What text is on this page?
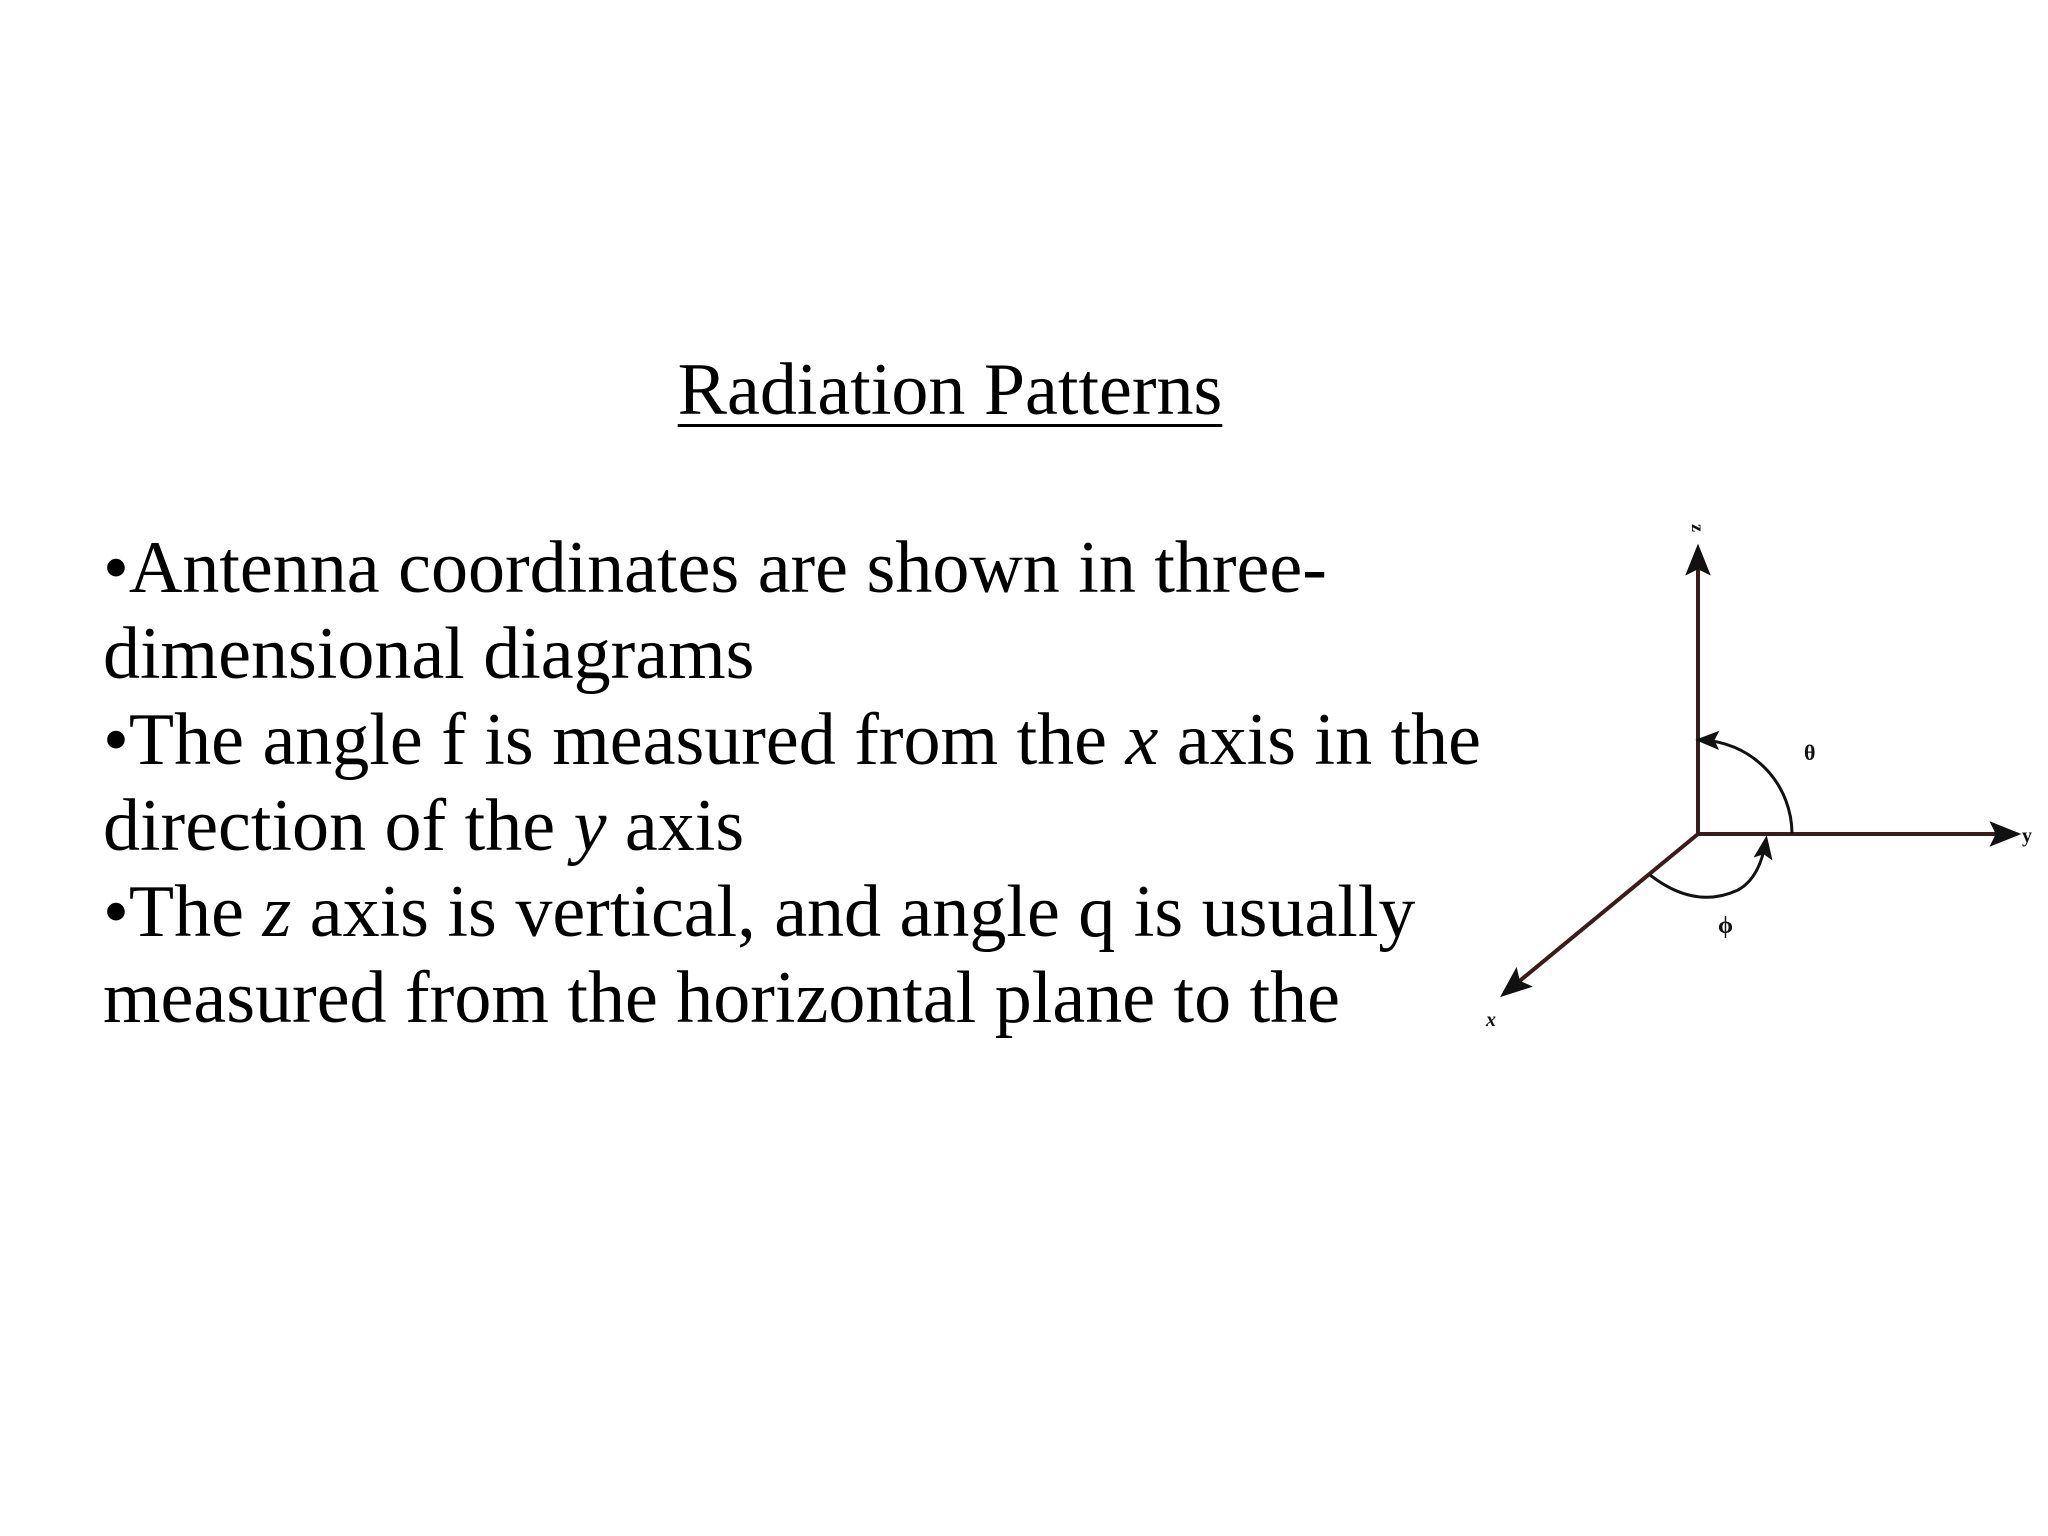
Radiation Patterns
•Antenna coordinates are shown in three-
dimensional diagrams
•The angle f is measured from the x axis in the
direction of the y axis
•The z axis is vertical, and angle q is usually
measured from the horizontal plane to the
z
y
x
θ
ϕ
